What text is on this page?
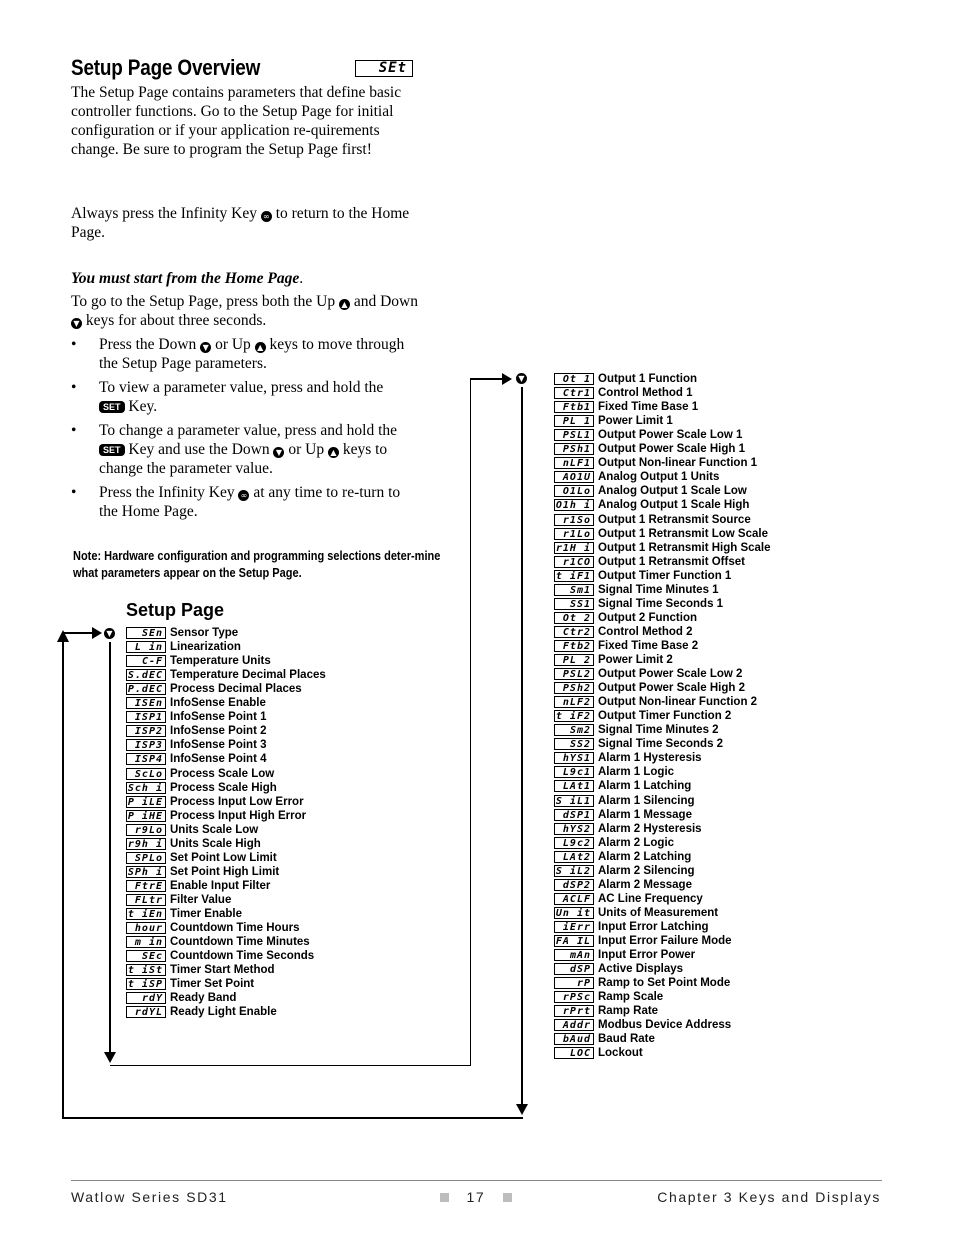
Setup Page Overview	SEt

The Setup Page contains parameters that define basic controller functions. Go to the Setup Page for initial configuration or if your application re-quirements change. Be sure to program the Setup Page first!

Always press the Infinity Key ∞ to return to the Home Page.
You must start from the Home Page.
To go to the Setup Page, press both the Up ▲ and Down ▼ keys for about three seconds.
• Press the Down ▼ or Up ▲ keys to move through the Setup Page parameters.
• To view a parameter value, press and hold the SET Key.
• To change a parameter value, press and hold the SET Key and use the Down ▼ or Up ▲ keys to change the parameter value.
• Press the Infinity Key ∞ at any time to re-turn to the Home Page.
Note: Hardware configuration and programming selections deter-mine what parameters appear on the Setup Page.
Setup Page
SEn Sensor Type
L in Linearization
C-F Temperature Units
S.dEC Temperature Decimal Places
P.dEC Process Decimal Places
ISEn InfoSense Enable
ISP1 InfoSense Point 1
ISP2 InfoSense Point 2
ISP3 InfoSense Point 3
ISP4 InfoSense Point 4
ScLo Process Scale Low
Sch i Process Scale High
P iLE Process Input Low Error
P iHE Process Input High Error
r9Lo Units Scale Low
r9h i Units Scale High
SPLo Set Point Low Limit
SPh i Set Point High Limit
FtrE Enable Input Filter
FLtr Filter Value
t iEn Timer Enable
hour Countdown Time Hours
m in Countdown Time Minutes
SEc Countdown Time Seconds
t iSt Timer Start Method
t iSP Timer Set Point
rdY Ready Band
rdYL Ready Light Enable
Ot 1 Output 1 Function
Ctr1 Control Method 1
Ftb1 Fixed Time Base 1
PL 1 Power Limit 1
PSL1 Output Power Scale Low 1
PSh1 Output Power Scale High 1
nLF1 Output Non-linear Function 1
AO1U Analog Output 1 Units
O1Lo Analog Output 1 Scale Low
O1h i Analog Output 1 Scale High
r1So Output 1 Retransmit Source
r1Lo Output 1 Retransmit Low Scale
r1H i Output 1 Retransmit High Scale
r1CO Output 1 Retransmit Offset
t iF1 Output Timer Function 1
Sm1 Signal Time Minutes 1
SS1 Signal Time Seconds 1
Ot 2 Output 2 Function
Ctr2 Control Method 2
Ftb2 Fixed Time Base 2
PL 2 Power Limit 2
PSL2 Output Power Scale Low 2
PSh2 Output Power Scale High 2
nLF2 Output Non-linear Function 2
t iF2 Output Timer Function 2
Sm2 Signal Time Minutes 2
SS2 Signal Time Seconds 2
hYS1 Alarm 1 Hysteresis
L9c1 Alarm 1 Logic
LAt1 Alarm 1 Latching
S iL1 Alarm 1 Silencing
dSP1 Alarm 1 Message
hYS2 Alarm 2 Hysteresis
L9c2 Alarm 2 Logic
LAt2 Alarm 2 Latching
S iL2 Alarm 2 Silencing
dSP2 Alarm 2 Message
ACLF AC Line Frequency
Un it Units of Measurement
iErr Input Error Latching
FA IL Input Error Failure Mode
mAn Input Error Power
dSP Active Displays
rP Ramp to Set Point Mode
rPSc Ramp Scale
rPrt Ramp Rate
Addr Modbus Device Address
bAud Baud Rate
LOC Lockout
▼
▼
Watlow Series SD31	17	Chapter 3 Keys and Displays
